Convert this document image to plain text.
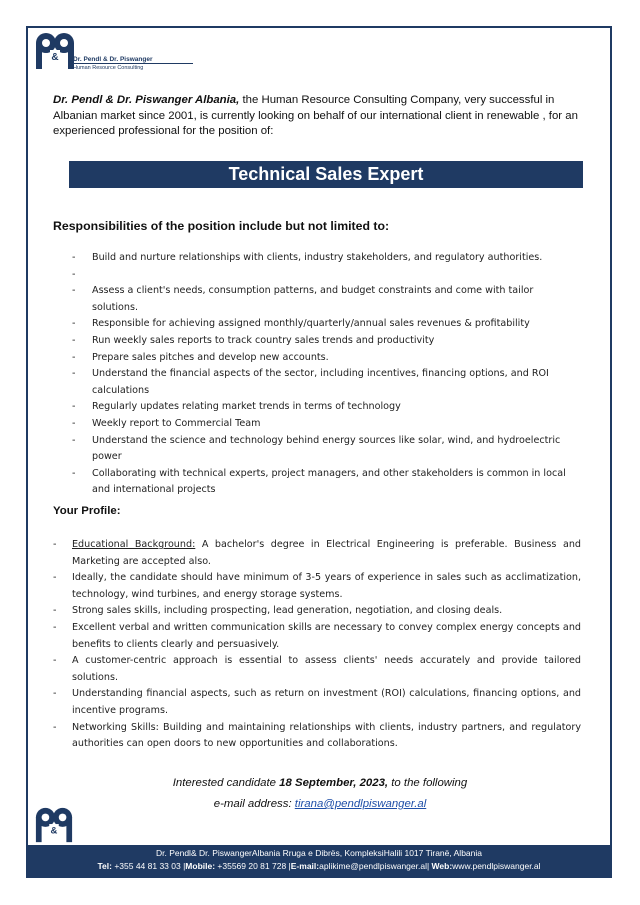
& Dr. Pendl & Dr. Piswanger
Human Resource Consulting
Dr. Pendl & Dr. Piswanger Albania, the Human Resource Consulting Company, very successful in Albanian market since 2001, is currently looking on behalf of our international client in renewable , for an experienced professional for the position of:
Technical Sales Expert
Responsibilities of the position include but not limited to:
- Build and nurture relationships with clients, industry stakeholders, and regulatory authorities.
-
- Assess a client's needs, consumption patterns, and budget constraints and come with tailor solutions.
- Responsible for achieving assigned monthly/quarterly/annual sales revenues & profitability
- Run weekly sales reports to track country sales trends and productivity
- Prepare sales pitches and develop new accounts.
- Understand the financial aspects of the sector, including incentives, financing options, and ROI calculations
- Regularly updates relating market trends in terms of technology
- Weekly report to Commercial Team
- Understand the science and technology behind energy sources like solar, wind, and hydroelectric power
- Collaborating with technical experts, project managers, and other stakeholders is common in local and international projects
Your Profile:
- Educational Background: A bachelor's degree in Electrical Engineering is preferable. Business and Marketing are accepted also.
- Ideally, the candidate should have minimum of 3-5 years of experience in sales such as acclimatization, technology, wind turbines, and energy storage systems.
- Strong sales skills, including prospecting, lead generation, negotiation, and closing deals.
- Excellent verbal and written communication skills are necessary to convey complex energy concepts and benefits to clients clearly and persuasively.
- A customer-centric approach is essential to assess clients' needs accurately and provide tailored solutions.
- Understanding financial aspects, such as return on investment (ROI) calculations, financing options, and incentive programs.
- Networking Skills: Building and maintaining relationships with clients, industry partners, and regulatory authorities can open doors to new opportunities and collaborations.
Interested candidate 18 September, 2023, to the following
e-mail address: tirana@pendlpiswanger.al
&
Dr. Pendl& Dr. PiswangerAlbania Rruga e Dibrës, KompleksiHalili 1017 Tiranë, Albania
Tel: +355 44 81 33 03 |Mobile: +35569 20 81 728 |E-mail:aplikime@pendlpiswanger.al| Web:www.pendlpiswanger.al
